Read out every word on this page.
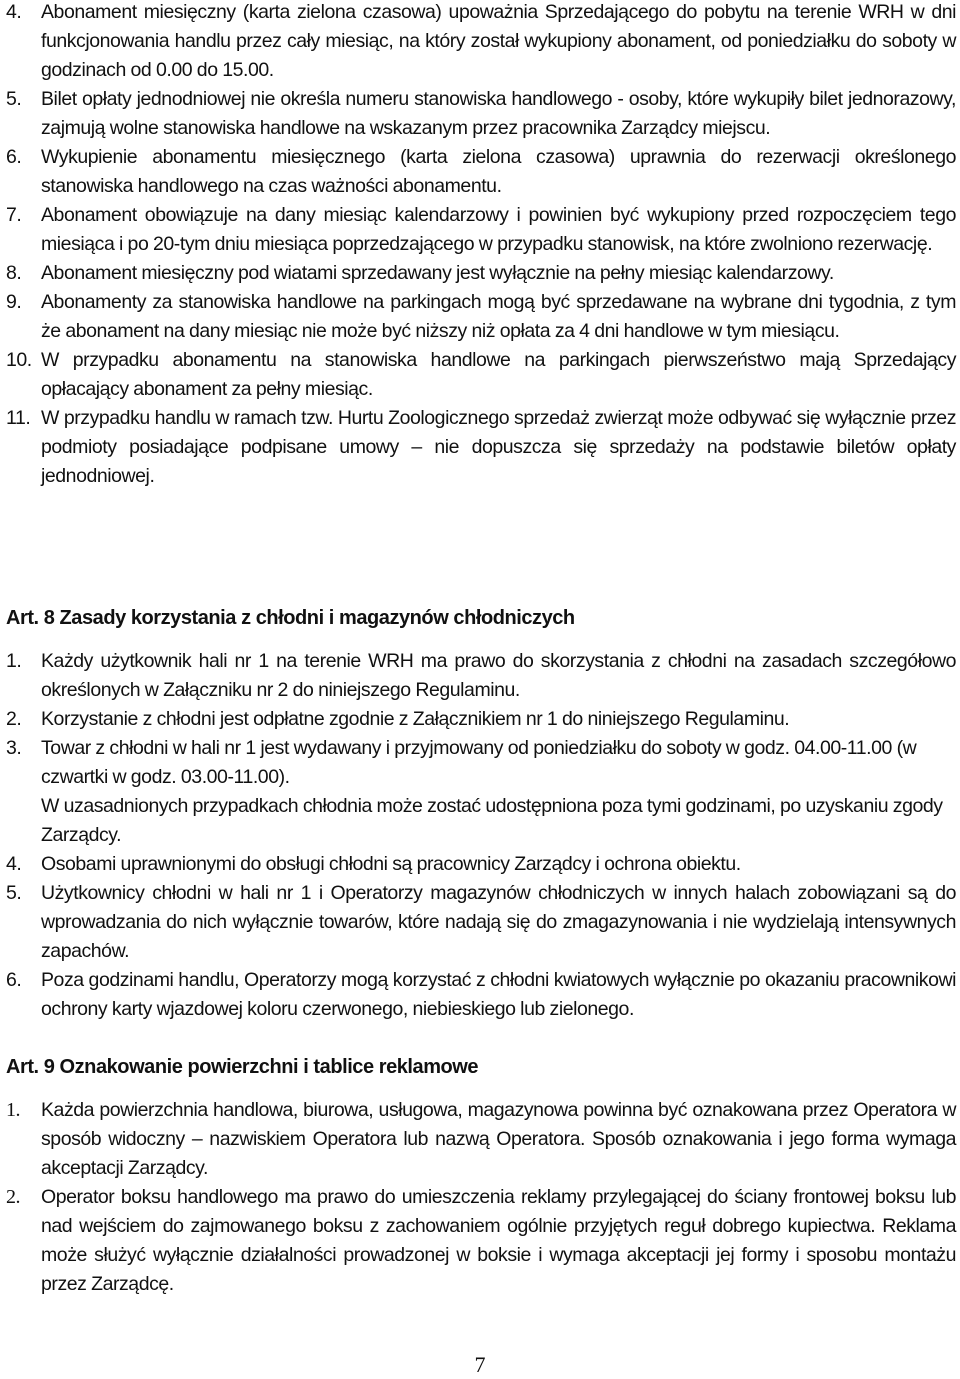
4.	Abonament miesięczny (karta zielona czasowa) upoważnia Sprzedającego do pobytu na terenie WRH w dni funkcjonowania handlu przez cały miesiąc, na który został wykupiony abonament, od poniedziałku do soboty w godzinach od 0.00 do 15.00.
5.	Bilet opłaty jednodniowej nie określa numeru stanowiska handlowego - osoby, które wykupiły bilet jednorazowy, zajmują wolne stanowiska handlowe na wskazanym przez pracownika Zarządcy miejscu.
6.	Wykupienie abonamentu miesięcznego (karta zielona czasowa) uprawnia do rezerwacji określonego stanowiska handlowego na czas ważności abonamentu.
7.	Abonament obowiązuje na dany miesiąc kalendarzowy i powinien być wykupiony przed rozpoczęciem tego miesiąca i po 20-tym dniu miesiąca poprzedzającego w przypadku stanowisk, na które zwolniono rezerwację.
8.	Abonament miesięczny pod wiatami sprzedawany jest wyłącznie na pełny miesiąc kalendarzowy.
9.	Abonamenty za stanowiska handlowe na parkingach mogą być sprzedawane na wybrane dni tygodnia, z tym że abonament na dany miesiąc nie może być niższy niż opłata za 4 dni handlowe w tym miesiącu.
10. W przypadku abonamentu na stanowiska handlowe na parkingach pierwszeństwo mają Sprzedający opłacający abonament za pełny miesiąc.
11. W przypadku handlu w ramach tzw. Hurtu Zoologicznego sprzedaż zwierząt może odbywać się wyłącznie przez podmioty posiadające podpisane umowy – nie dopuszcza się sprzedaży na podstawie biletów opłaty jednodniowej.
Art. 8 Zasady korzystania z chłodni i magazynów chłodniczych
1.	Każdy użytkownik hali nr 1 na terenie WRH ma prawo do skorzystania z chłodni na zasadach szczegółowo określonych w Załączniku nr 2 do niniejszego Regulaminu.
2.	Korzystanie z chłodni jest odpłatne zgodnie z Załącznikiem nr 1 do niniejszego Regulaminu.
3.	Towar z chłodni w hali nr 1 jest wydawany i przyjmowany od poniedziałku do soboty w godz. 04.00-11.00 (w czwartki w godz. 03.00-11.00).
W uzasadnionych przypadkach chłodnia może zostać udostępniona poza tymi godzinami, po uzyskaniu zgody Zarządcy.
4.	Osobami uprawnionymi do obsługi chłodni są pracownicy Zarządcy i ochrona obiektu.
5.	Użytkownicy chłodni w hali nr 1 i Operatorzy magazynów chłodniczych w innych halach zobowiązani są do wprowadzania do nich wyłącznie towarów, które nadają się do zmagazynowania i nie wydzielają intensywnych zapachów.
6.	Poza godzinami handlu, Operatorzy mogą korzystać z chłodni kwiatowych wyłącznie po okazaniu pracownikowi ochrony karty wjazdowej koloru czerwonego, niebieskiego lub zielonego.
Art. 9 Oznakowanie powierzchni i tablice reklamowe
1.	Każda powierzchnia handlowa, biurowa, usługowa, magazynowa powinna być oznakowana przez Operatora w sposób widoczny – nazwiskiem Operatora lub nazwą Operatora. Sposób oznakowania i jego forma wymaga akceptacji Zarządcy.
2.	Operator boksu handlowego ma prawo do umieszczenia reklamy przylegającej do ściany frontowej boksu lub nad wejściem do zajmowanego boksu z zachowaniem ogólnie przyjętych reguł dobrego kupiectwa. Reklama może służyć wyłącznie działalności prowadzonej w boksie i wymaga akceptacji jej formy i sposobu montażu przez Zarządcę.
7
